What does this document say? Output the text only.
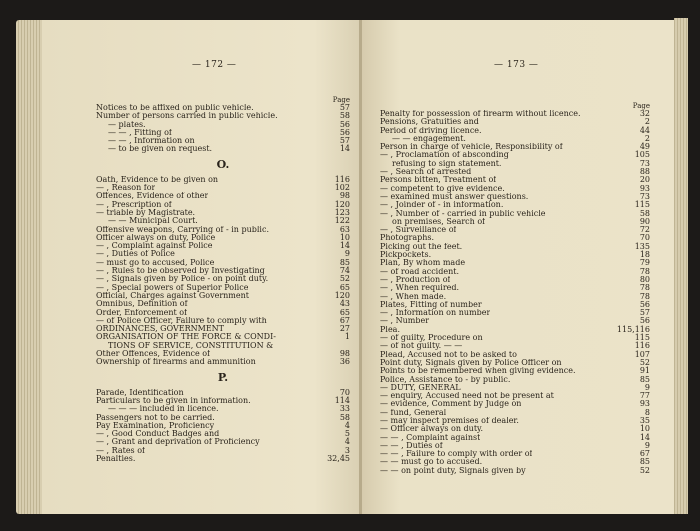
— 172 —
Page
Notices to be affixed on public vehicle.	57
Number of persons carried in public vehicle.	58
— plates.	56
— — , Fitting of	56
— — , Information on	57
— to be given on request.	14
O.
Oath, Evidence to be given on	116
— , Reason for	102
Offences, Evidence of other	98
— , Prescription of	120
— triable by Magistrate.	123
— — Municipal Court.	122
Offensive weapons, Carrying of - in public.	63
Officer always on duty, Police	10
— , Complaint against Police	14
— , Duties of Police	9
— must go to accused, Police	85
— , Rules to be observed by Investigating	74
— , Signals given by Police - on point duty.	52
— , Special powers of Superior Police	65
Official, Charges against Government	120
Omnibus, Definition of	43
Order, Enforcement of	65
— of Police Officer, Failure to comply with	67
ORDINANCES, GOVERNMENT	27
ORGANISATION OF THE FORCE & CONDI-	1
TIONS OF SERVICE, CONSTITUTION &
Other Offences, Evidence of	98
Ownership of firearms and ammunition	36
P.
Parade, Identification	70
Particulars to be given in information.	114
— — — included in licence.	33
Passengers not to be carried.	58
Pay Examination, Proficiency	4
— , Good Conduct Badges and	5
— , Grant and deprivation of Proficiency	4
— , Rates of	3
Penalties.	32,45
— 173 —
Page
Penalty for possession of firearm without licence.	32
Pensions, Gratuities and	2
Period of driving licence.	44
— — engagement.	2
Person in charge of vehicle, Responsibility of	49
— , Proclamation of absconding	105
refusing to sign statement.	73
— , Search of arrested	88
Persons bitten, Treatment of	20
— competent to give evidence.	93
— examined must answer questions.	73
— , Joinder of - in information.	115
— , Number of - carried in public vehicle	58
on premises, Search of	90
— , Surveillance of	72
Photographs.	70
Picking out the feet.	135
Pickpockets.	18
Plan, By whom made	79
— of road accident.	78
— , Production of	80
— , When required.	78
— , When made.	78
Plates, Fitting of number	56
— , Information on number	57
— , Number	56
Plea.	115,116
— of guilty, Procedure on	115
— of not guilty. — —	116
Plead, Accused not to be asked to	107
Point duty, Signals given by Police Officer on	52
Points to be remembered when giving evidence.	91
Police, Assistance to - by public.	85
— DUTY, GENERAL	9
— enquiry, Accused need not be present at	77
— evidence, Comment by Judge on	93
— fund, General	8
— may inspect premises of dealer.	35
— Officer always on duty.	10
— — , Complaint against	14
— — , Duties of	9
— — , Failure to comply with order of	67
— — must go to accused.	85
— — on point duty, Signals given by	52
